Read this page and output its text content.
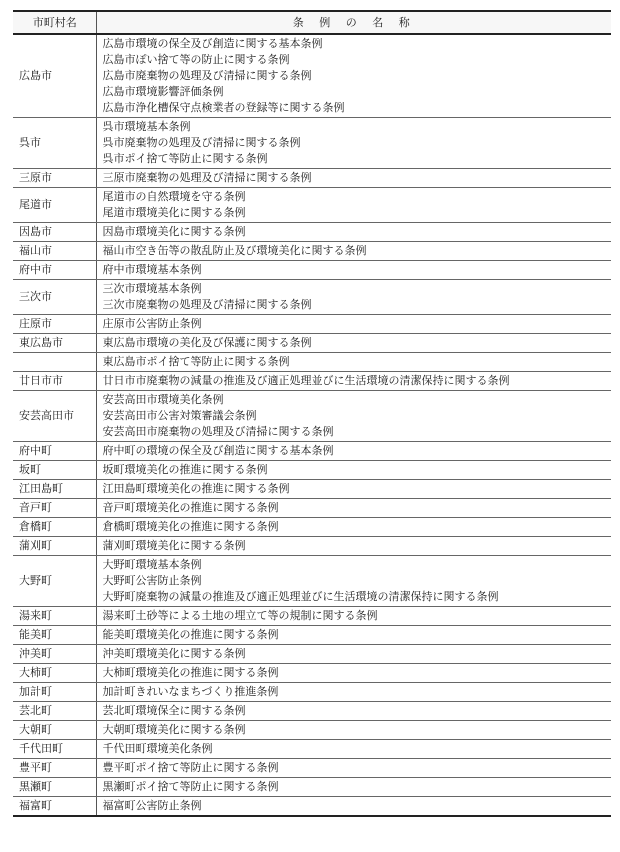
市町村名	条 例 の 名 称
広島市	広島市環境の保全及び創造に関する基本条例
広島市ぽい捨て等の防止に関する条例
広島市廃棄物の処理及び清掃に関する条例
広島市環境影響評価条例
広島市浄化槽保守点検業者の登録等に関する条例

呉市	呉市環境基本条例
呉市廃棄物の処理及び清掃に関する条例
呉市ポイ捨て等防止に関する条例

三原市	三原市廃棄物の処理及び清掃に関する条例

尾道市	尾道市の自然環境を守る条例
尾道市環境美化に関する条例

因島市	因島市環境美化に関する条例

福山市	福山市空き缶等の散乱防止及び環境美化に関する条例

府中市	府中市環境基本条例

三次市	三次市環境基本条例
三次市廃棄物の処理及び清掃に関する条例

庄原市	庄原市公害防止条例

東広島市	東広島市環境の美化及び保護に関する条例

	東広島市ポイ捨て等防止に関する条例

廿日市市	廿日市市廃棄物の減量の推進及び適正処理並びに生活環境の清潔保持に関する条例

安芸高田市	安芸高田市環境美化条例
安芸高田市公害対策審議会条例
安芸高田市廃棄物の処理及び清掃に関する条例

府中町	府中町の環境の保全及び創造に関する基本条例

坂町	坂町環境美化の推進に関する条例

江田島町	江田島町環境美化の推進に関する条例

音戸町	音戸町環境美化の推進に関する条例

倉橋町	倉橋町環境美化の推進に関する条例

蒲刈町	蒲刈町環境美化に関する条例

大野町	大野町環境基本条例
大野町公害防止条例
大野町廃棄物の減量の推進及び適正処理並びに生活環境の清潔保持に関する条例

湯来町	湯来町土砂等による土地の埋立て等の規制に関する条例

能美町	能美町環境美化の推進に関する条例

沖美町	沖美町環境美化に関する条例

大柿町	大柿町環境美化の推進に関する条例

加計町	加計町きれいなまちづくり推進条例

芸北町	芸北町環境保全に関する条例

大朝町	大朝町環境美化に関する条例

千代田町	千代田町環境美化条例

豊平町	豊平町ポイ捨て等防止に関する条例

黒瀬町	黒瀬町ポイ捨て等防止に関する条例

福富町	福富町公害防止条例
